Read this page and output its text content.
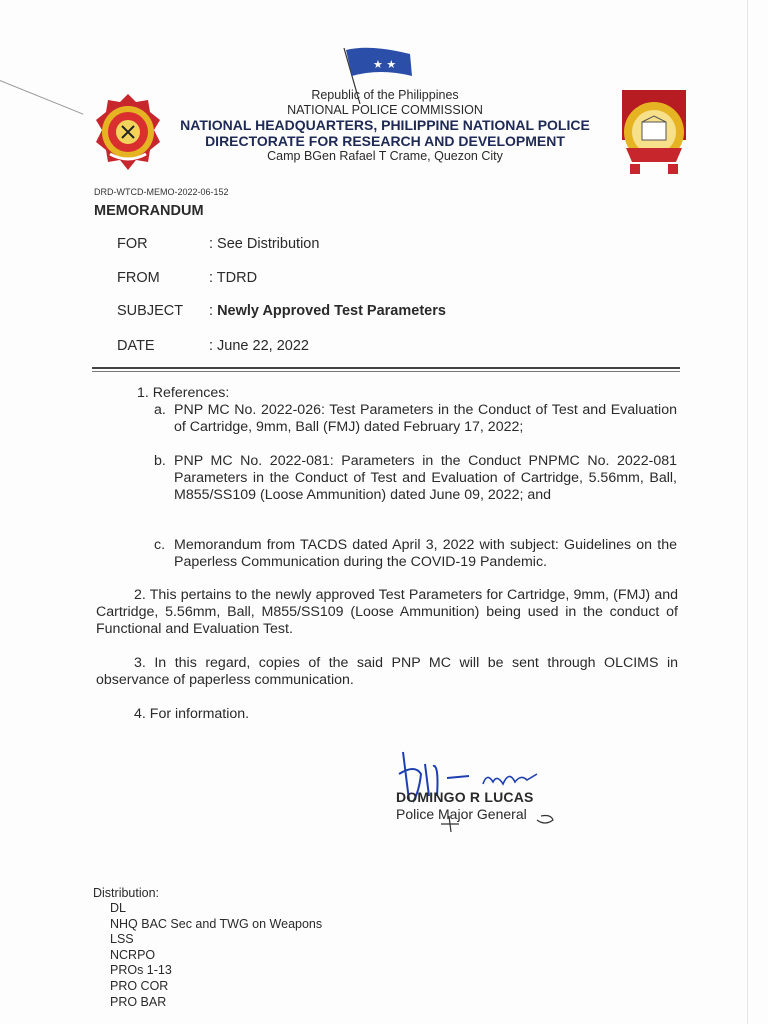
★ ★
Republic of the Philippines
NATIONAL POLICE COMMISSION
NATIONAL HEADQUARTERS, PHILIPPINE NATIONAL POLICE
DIRECTORATE FOR RESEARCH AND DEVELOPMENT
Camp BGen Rafael T Crame, Quezon City
DRD-WTCD-MEMO-2022-06-152
MEMORANDUM
FOR	: See Distribution
FROM	: TDRD
SUBJECT : Newly Approved Test Parameters
DATE	: June 22, 2022
1. References:
a. PNP MC No. 2022-026: Test Parameters in the Conduct of Test and Evaluation of Cartridge, 9mm, Ball (FMJ) dated February 17, 2022;
b. PNP MC No. 2022-081: Parameters in the Conduct PNPMC No. 2022-081 Parameters in the Conduct of Test and Evaluation of Cartridge, 5.56mm, Ball, M855/SS109 (Loose Ammunition) dated June 09, 2022; and
c. Memorandum from TACDS dated April 3, 2022 with subject: Guidelines on the Paperless Communication during the COVID-19 Pandemic.
2. This pertains to the newly approved Test Parameters for Cartridge, 9mm, (FMJ) and Cartridge, 5.56mm, Ball, M855/SS109 (Loose Ammunition) being used in the conduct of Functional and Evaluation Test.
3. In this regard, copies of the said PNP MC will be sent through OLCIMS in observance of paperless communication.
4. For information.
DOMINGO R LUCAS
Police Major General
Distribution:
DL
NHQ BAC Sec and TWG on Weapons
LSS
NCRPO
PROs 1-13
PRO COR
PRO BAR
